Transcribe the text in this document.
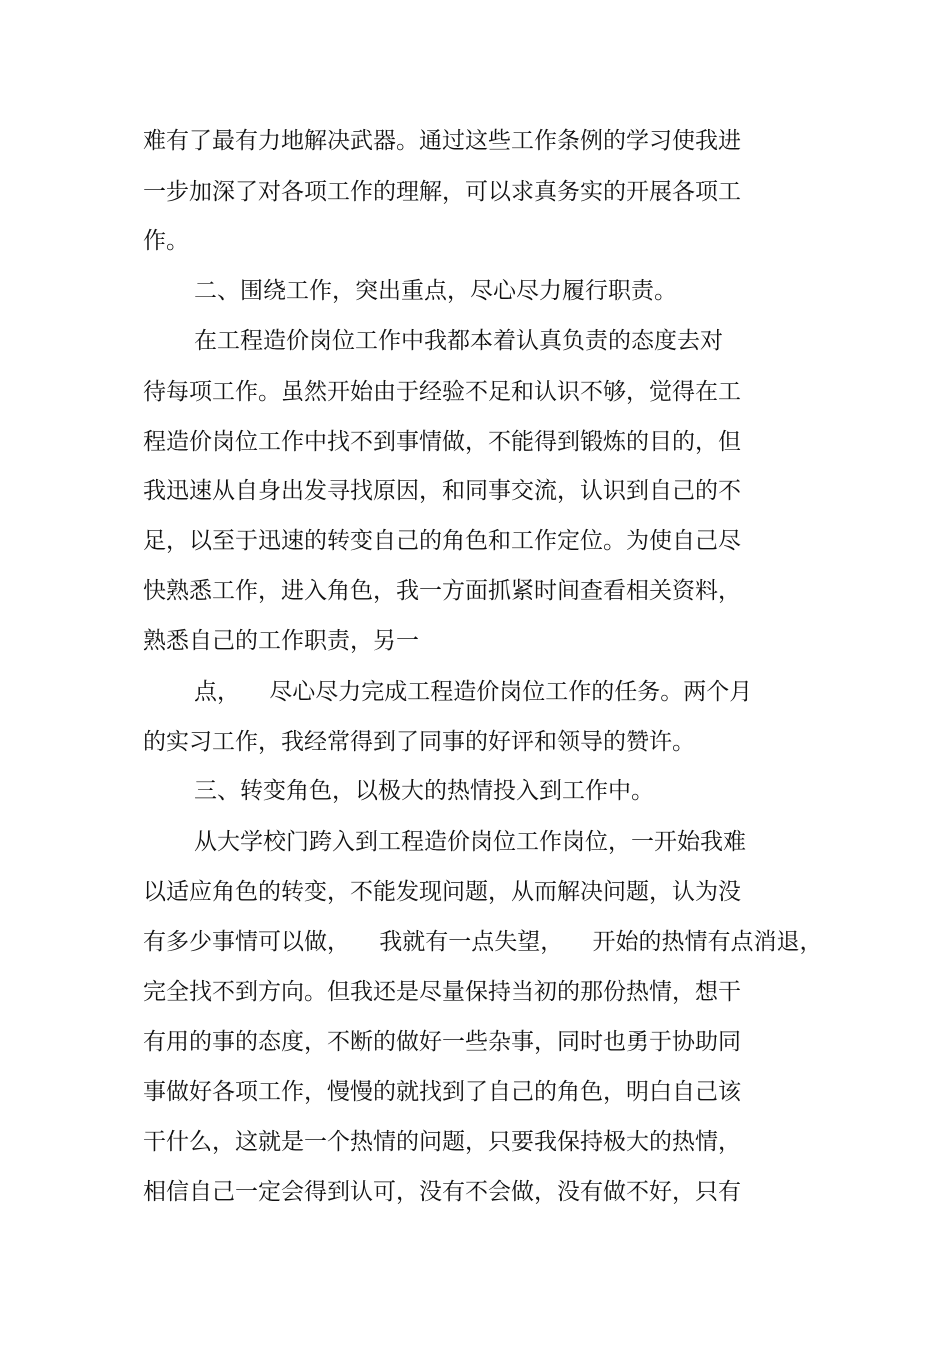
难有了最有力地解决武器。通过这些工作条例的学习使我进
一步加深了对各项工作的理解，可以求真务实的开展各项工
作。
二、围绕工作，突出重点，尽心尽力履行职责。
在工程造价岗位工作中我都本着认真负责的态度去对
待每项工作。虽然开始由于经验不足和认识不够，觉得在工
程造价岗位工作中找不到事情做，不能得到锻炼的目的，但
我迅速从自身出发寻找原因，和同事交流，认识到自己的不
足，以至于迅速的转变自己的角色和工作定位。为使自己尽
快熟悉工作，进入角色，我一方面抓紧时间查看相关资料，
熟悉自己的工作职责，另一
点，    尽心尽力完成工程造价岗位工作的任务。两个月
的实习工作，我经常得到了同事的好评和领导的赞许。
三、转变角色，以极大的热情投入到工作中。
从大学校门跨入到工程造价岗位工作岗位，一开始我难
以适应角色的转变，不能发现问题，从而解决问题，认为没
有多少事情可以做，    我就有一点失望，    开始的热情有点消退，
完全找不到方向。但我还是尽量保持当初的那份热情，想干
有用的事的态度，不断的做好一些杂事，同时也勇于协助同
事做好各项工作，慢慢的就找到了自己的角色，明白自己该
干什么，这就是一个热情的问题，只要我保持极大的热情，
相信自己一定会得到认可，没有不会做，没有做不好，只有
